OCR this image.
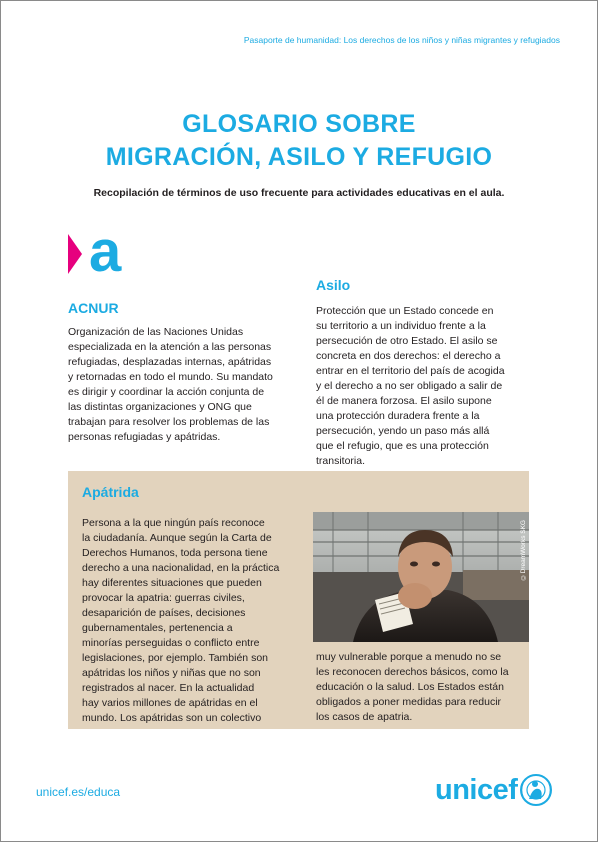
Pasaporte de humanidad: Los derechos de los niños y niñas migrantes y refugiados
GLOSARIO SOBRE
MIGRACIÓN, ASILO Y REFUGIO
Recopilación de términos de uso frecuente para actividades educativas en el aula.
a
ACNUR
Organización de las Naciones Unidas
especializada en la atención a las personas
refugiadas, desplazadas internas, apátridas
y retornadas en todo el mundo. Su mandato
es dirigir y coordinar la acción conjunta de
las distintas organizaciones y ONG que
trabajan para resolver los problemas de las
personas refugiadas y apátridas.
Asilo
Protección que un Estado concede en
su territorio a un individuo frente a la
persecución de otro Estado. El asilo se
concreta en dos derechos: el derecho a
entrar en el territorio del país de acogida
y el derecho a no ser obligado a salir de
él de manera forzosa. El asilo supone
una protección duradera frente a la
persecución, yendo un paso más allá
que el refugio, que es una protección
transitoria.
Apátrida
Persona a la que ningún país reconoce
la ciudadanía. Aunque según la Carta de
Derechos Humanos, toda persona tiene
derecho a una nacionalidad, en la práctica
hay diferentes situaciones que pueden
provocar la apatria: guerras civiles,
desaparición de países, decisiones
gubernamentales, pertenencia a
minorías perseguidas o conflicto entre
legislaciones, por ejemplo. También son
apátridas los niños y niñas que no son
registrados al nacer. En la actualidad
hay varios millones de apátridas en el
mundo. Los apátridas son un colectivo
©DreamWorks SKG
muy vulnerable porque a menudo no se
les reconocen derechos básicos, como la
educación o la salud. Los Estados están
obligados a poner medidas para reducir
los casos de apatria.
unicef.es/educa	unicef
